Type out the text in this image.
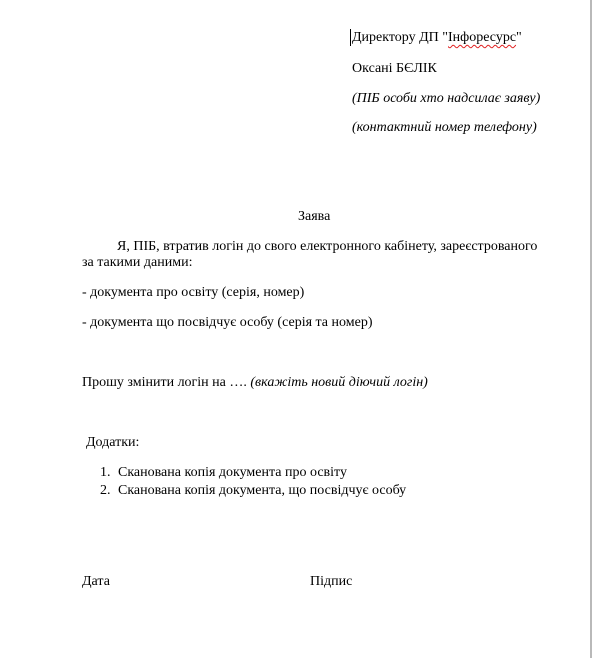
Директору ДП "Інфоресурс"
Оксані БЄЛІК
(ПІБ особи хто надсилає заяву)
(контактний номер телефону)
Заява
Я, ПІБ, втратив логін до свого електронного кабінету, зареєстрованого
за такими даними:
- документа про освіту (серія, номер)
- документа що посвідчує особу (серія та номер)
Прошу змінити логін на …. (вкажіть новий діючий логін)
Додатки:
1. Сканована копія документа про освіту
2. Сканована копія документа, що посвідчує особу
Дата	Підпис
